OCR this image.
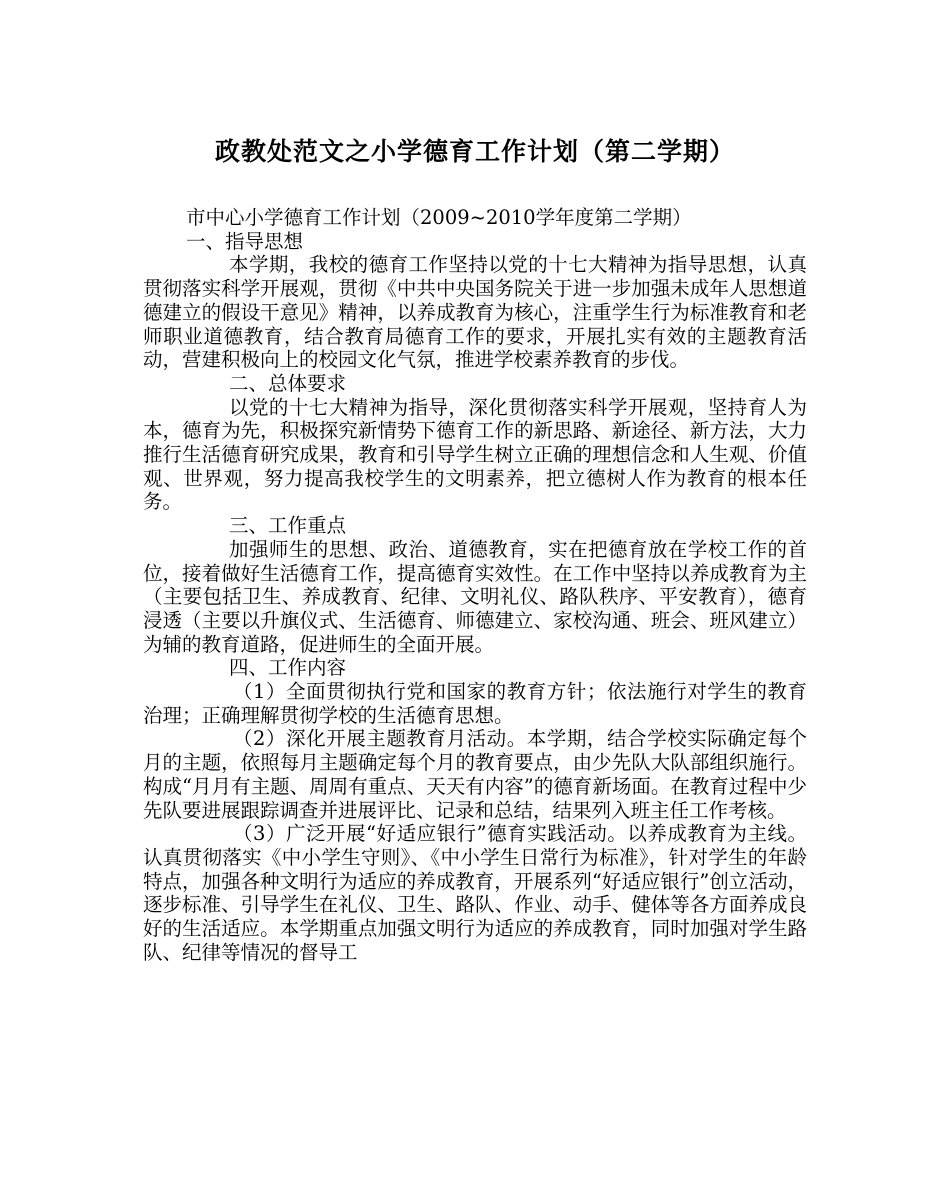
政教处范文之小学德育工作计划（第二学期）

市中心小学德育工作计划（2009~2010学年度第二学期）

一、指导思想

本学期，我校的德育工作坚持以党的十七大精神为指导思想，认真贯彻落实科学开展观，贯彻《中共中央国务院关于进一步加强未成年人思想道德建立的假设干意见》精神，以养成教育为核心，注重学生行为标准教育和老师职业道德教育，结合教育局德育工作的要求，开展扎实有效的主题教育活动，营建积极向上的校园文化气氛，推进学校素养教育的步伐。

二、总体要求

以党的十七大精神为指导，深化贯彻落实科学开展观，坚持育人为本，德育为先，积极探究新情势下德育工作的新思路、新途径、新方法，大力推行生活德育研究成果，教育和引导学生树立正确的理想信念和人生观、价值观、世界观，努力提高我校学生的文明素养，把立德树人作为教育的根本任务。

三、工作重点

加强师生的思想、政治、道德教育，实在把德育放在学校工作的首位，接着做好生活德育工作，提高德育实效性。在工作中坚持以养成教育为主（主要包括卫生、养成教育、纪律、文明礼仪、路队秩序、平安教育），德育浸透（主要以升旗仪式、生活德育、师德建立、家校沟通、班会、班风建立）为辅的教育道路，促进师生的全面开展。

四、工作内容

（1）全面贯彻执行党和国家的教育方针；依法施行对学生的教育治理；正确理解贯彻学校的生活德育思想。

（2）深化开展主题教育月活动。本学期，结合学校实际确定每个月的主题，依照每月主题确定每个月的教育要点，由少先队大队部组织施行。构成“月月有主题、周周有重点、天天有内容”的德育新场面。在教育过程中少先队要进展跟踪调查并进展评比、记录和总结，结果列入班主任工作考核。

（3）广泛开展“好适应银行”德育实践活动。以养成教育为主线。认真贯彻落实《中小学生守则》、《中小学生日常行为标准》，针对学生的年龄特点，加强各种文明行为适应的养成教育，开展系列“好适应银行”创立活动，逐步标准、引导学生在礼仪、卫生、路队、作业、动手、健体等各方面养成良好的生活适应。本学期重点加强文明行为适应的养成教育，同时加强对学生路队、纪律等情况的督导工
